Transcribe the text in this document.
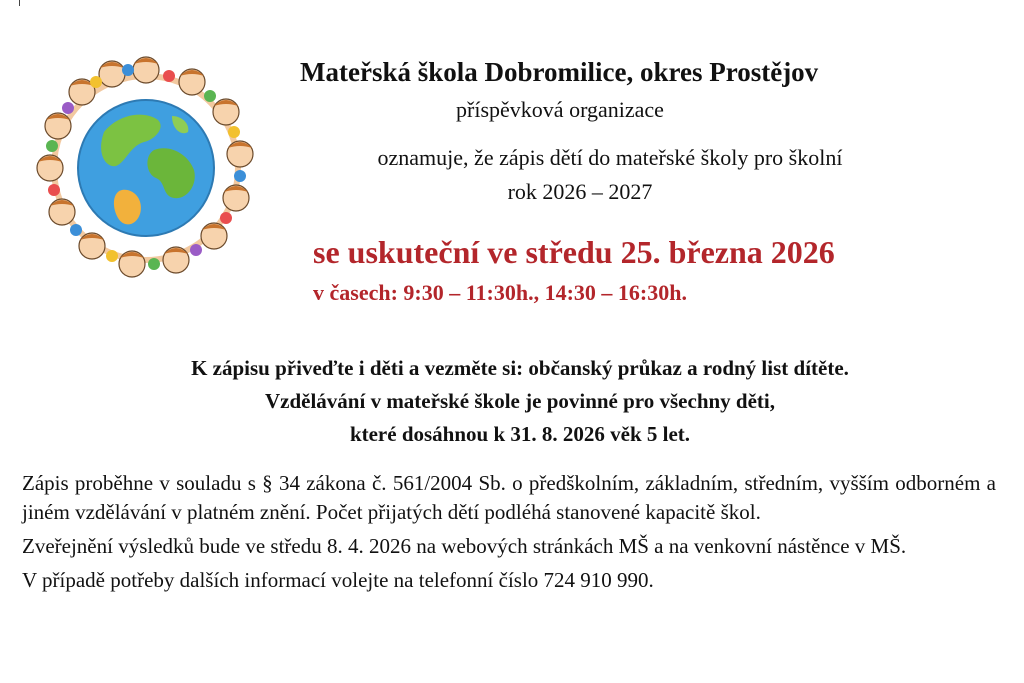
Mateřská škola Dobromilice, okres Prostějov
příspěvková organizace
oznamuje, že zápis dětí do mateřské školy pro školní
rok 2026 – 2027
se uskuteční ve středu 25. března 2026
v časech: 9:30 – 11:30h., 14:30 – 16:30h.
K zápisu přiveďte i děti a vezměte si: občanský průkaz a rodný list dítěte.
Vzdělávání v mateřské škole je povinné pro všechny děti,
které dosáhnou k 31. 8. 2026 věk 5 let.

Zápis proběhne v souladu s § 34 zákona č. 561/2004 Sb. o předškolním, základním, středním, vyšším odborném a jiném vzdělávání v platném znění. Počet přijatých dětí podléhá stanovené kapacitě škol.

Zveřejnění výsledků bude ve středu 8. 4. 2026 na webových stránkách MŠ a na venkovní nástěnce v MŠ.

V případě potřeby dalších informací volejte na telefonní číslo 724 910 990.
